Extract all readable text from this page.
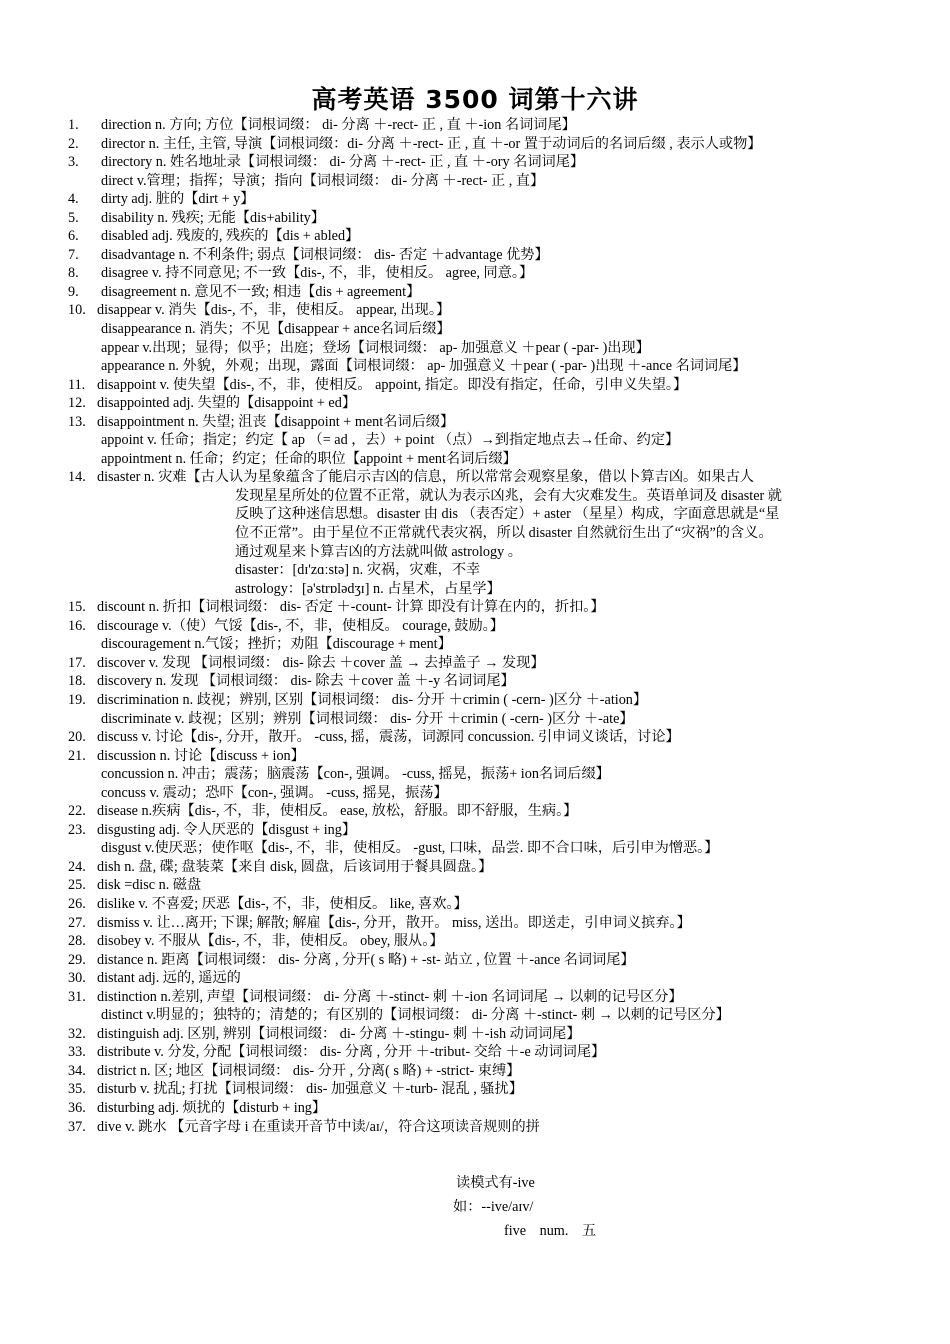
高考英语 3500 词第十六讲
1. direction n. 方向; 方位【词根词缀： di- 分离 ＋-rect- 正 , 直 ＋-ion 名词词尾】
2. director n. 主任, 主管, 导演【词根词缀：di- 分离 ＋-rect- 正 , 直 ＋-or 置于动词后的名词后缀 , 表示人或物】
3. directory n. 姓名地址录【词根词缀： di- 分离 ＋-rect- 正 , 直 ＋-ory 名词词尾】
direct v.管理；指挥；导演；指向【词根词缀： di- 分离 ＋-rect- 正 , 直】
4. dirty adj. 脏的【dirt + y】
5. disability n. 残疾; 无能【dis+ability】
6. disabled adj. 残废的, 残疾的【dis + abled】
7. disadvantage n. 不利条件; 弱点【词根词缀： dis- 否定 ＋advantage 优势】
8. disagree v. 持不同意见; 不一致【dis-, 不，非，使相反。 agree, 同意。】
9. disagreement n. 意见不一致; 相违【dis + agreement】
10. disappear v. 消失【dis-, 不，非，使相反。 appear, 出现。】
disappearance n. 消失；不见【disappear + ance名词后缀】
appear v.出现；显得；似乎；出庭；登场【词根词缀： ap- 加强意义 ＋pear ( -par- )出现】
appearance n. 外貌，外观；出现，露面【词根词缀： ap- 加强意义 ＋pear ( -par- )出现 ＋-ance 名词词尾】
11. disappoint v. 使失望【dis-, 不，非，使相反。 appoint, 指定。即没有指定，任命，引申义失望。】
12. disappointed adj. 失望的【disappoint + ed】
13. disappointment n. 失望; 沮丧【disappoint + ment名词后缀】
appoint v. 任命；指定；约定【 ap （= ad ，去）+ point （点）→到指定地点去→任命、约定】
appointment n. 任命；约定；任命的职位【appoint + ment名词后缀】
14. disaster n. 灾难【古人认为星象蕴含了能启示吉凶的信息，所以常常会观察星象，借以卜算吉凶。如果古人
发现星星所处的位置不正常，就认为表示凶兆，会有大灾难发生。英语单词及 disaster 就
反映了这种迷信思想。disaster 由 dis （表否定）+ aster （星星）构成，字面意思就是“星
位不正常”。由于星位不正常就代表灾祸，所以 disaster 自然就衍生出了“灾祸”的含义。
通过观星来卜算吉凶的方法就叫做 astrology 。
disaster：[dɪ'zɑːstə] n. 灾祸，灾难，不幸
astrology：[ə'strɒlədʒɪ] n. 占星术，占星学】
15. discount n. 折扣【词根词缀： dis- 否定 ＋-count- 计算 即没有计算在内的，折扣。】
16. discourage v.（使）气馁【dis-, 不，非，使相反。 courage, 鼓励。】
discouragement n.气馁；挫折；劝阻【discourage + ment】
17. discover v. 发现 【词根词缀： dis- 除去 ＋cover 盖 → 去掉盖子 → 发现】
18. discovery n. 发现 【词根词缀： dis- 除去 ＋cover 盖 ＋-y 名词词尾】
19. discrimination n. 歧视；辨别, 区别【词根词缀： dis- 分开 ＋crimin ( -cern- )区分 ＋-ation】
discriminate v. 歧视；区别；辨别【词根词缀： dis- 分开 ＋crimin ( -cern- )区分 ＋-ate】
20. discuss v. 讨论【dis-, 分开，散开。 -cuss, 摇，震荡，词源同 concussion. 引申词义谈话，讨论】
21. discussion n. 讨论【discuss + ion】
concussion n. 冲击；震荡；脑震荡【con-, 强调。 -cuss, 摇晃，振荡+ ion名词后缀】
concuss v. 震动；恐吓【con-, 强调。 -cuss, 摇晃，振荡】
22. disease n.疾病【dis-, 不，非，使相反。 ease, 放松，舒服。即不舒服，生病。】
23. disgusting adj. 令人厌恶的【disgust + ing】
disgust v.使厌恶；使作呕【dis-, 不，非，使相反。 -gust, 口味，品尝. 即不合口味，后引申为憎恶。】
24. dish n. 盘, 碟; 盘装菜【来自 disk, 圆盘，后该词用于餐具圆盘。】
25. disk =disc n. 磁盘
26. dislike v. 不喜爱; 厌恶【dis-, 不，非，使相反。 like, 喜欢。】
27. dismiss v. 让…离开; 下课; 解散; 解雇【dis-, 分开，散开。 miss, 送出。即送走，引申词义摈弃。】
28. disobey v. 不服从【dis-, 不，非，使相反。 obey, 服从。】
29. distance n. 距离【词根词缀： dis- 分离 , 分开( s 略) + -st- 站立 , 位置 ＋-ance 名词词尾】
30. distant adj. 远的, 遥远的
31. distinction n.差别, 声望【词根词缀： di- 分离 ＋-stinct- 刺 ＋-ion 名词词尾 → 以刺的记号区分】
distinct v.明显的；独特的；清楚的；有区别的【词根词缀： di- 分离 ＋-stinct- 刺 → 以刺的记号区分】
32. distinguish adj. 区别, 辨别【词根词缀： di- 分离 ＋-stingu- 刺 ＋-ish 动词词尾】
33. distribute v. 分发, 分配【词根词缀： dis- 分离 , 分开 ＋-tribut- 交给 ＋-e 动词词尾】
34. district n. 区; 地区【词根词缀： dis- 分开 , 分离( s 略) + -strict- 束缚】
35. disturb v. 扰乱; 打扰【词根词缀： dis- 加强意义 ＋-turb- 混乱 , 骚扰】
36. disturbing adj. 烦扰的【disturb + ing】
37. dive v. 跳水 【元音字母 i 在重读开音节中读/aɪ/，符合这项读音规则的拼
读模式有-ive
如：--ive/aɪv/
five num. 五
